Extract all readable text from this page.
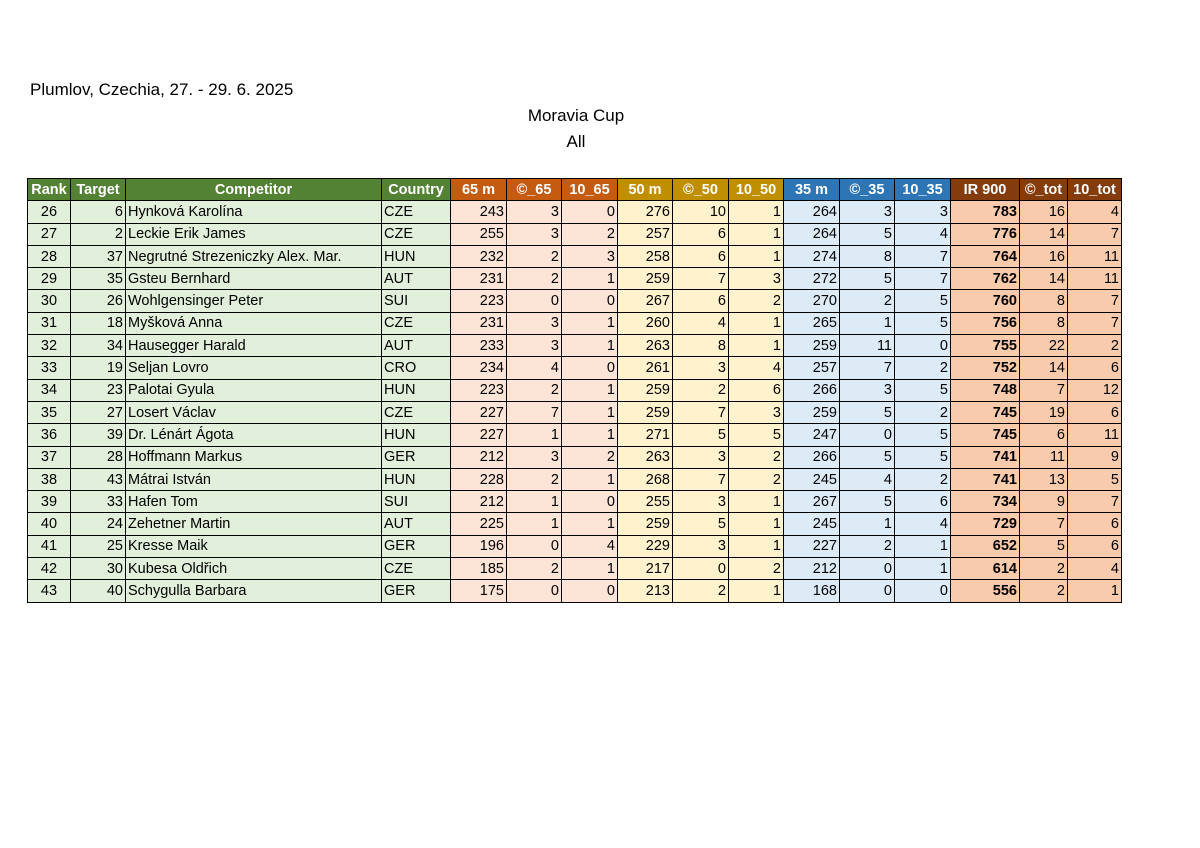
Plumlov, Czechia, 27. - 29. 6. 2025
Moravia Cup
All
Rank	Target	Competitor	Country	65 m	©_65	10_65	50 m	©_50	10_50	35 m	©_35	10_35	IR 900	©_tot	10_tot
26	6	Hynková Karolína	CZE	243	3	0	276	10	1	264	3	3	783	16	4
27	2	Leckie Erik James	CZE	255	3	2	257	6	1	264	5	4	776	14	7
28	37	Negrutné Strezeniczky Alex. Mar.	HUN	232	2	3	258	6	1	274	8	7	764	16	11
29	35	Gsteu Bernhard	AUT	231	2	1	259	7	3	272	5	7	762	14	11
30	26	Wohlgensinger Peter	SUI	223	0	0	267	6	2	270	2	5	760	8	7
31	18	Myšková Anna	CZE	231	3	1	260	4	1	265	1	5	756	8	7
32	34	Hausegger Harald	AUT	233	3	1	263	8	1	259	11	0	755	22	2
33	19	Seljan Lovro	CRO	234	4	0	261	3	4	257	7	2	752	14	6
34	23	Palotai Gyula	HUN	223	2	1	259	2	6	266	3	5	748	7	12
35	27	Losert Václav	CZE	227	7	1	259	7	3	259	5	2	745	19	6
36	39	Dr. Lénárt Ágota	HUN	227	1	1	271	5	5	247	0	5	745	6	11
37	28	Hoffmann Markus	GER	212	3	2	263	3	2	266	5	5	741	11	9
38	43	Mátrai István	HUN	228	2	1	268	7	2	245	4	2	741	13	5
39	33	Hafen Tom	SUI	212	1	0	255	3	1	267	5	6	734	9	7
40	24	Zehetner Martin	AUT	225	1	1	259	5	1	245	1	4	729	7	6
41	25	Kresse Maik	GER	196	0	4	229	3	1	227	2	1	652	5	6
42	30	Kubesa Oldřich	CZE	185	2	1	217	0	2	212	0	1	614	2	4
43	40	Schygulla Barbara	GER	175	0	0	213	2	1	168	0	0	556	2	1
